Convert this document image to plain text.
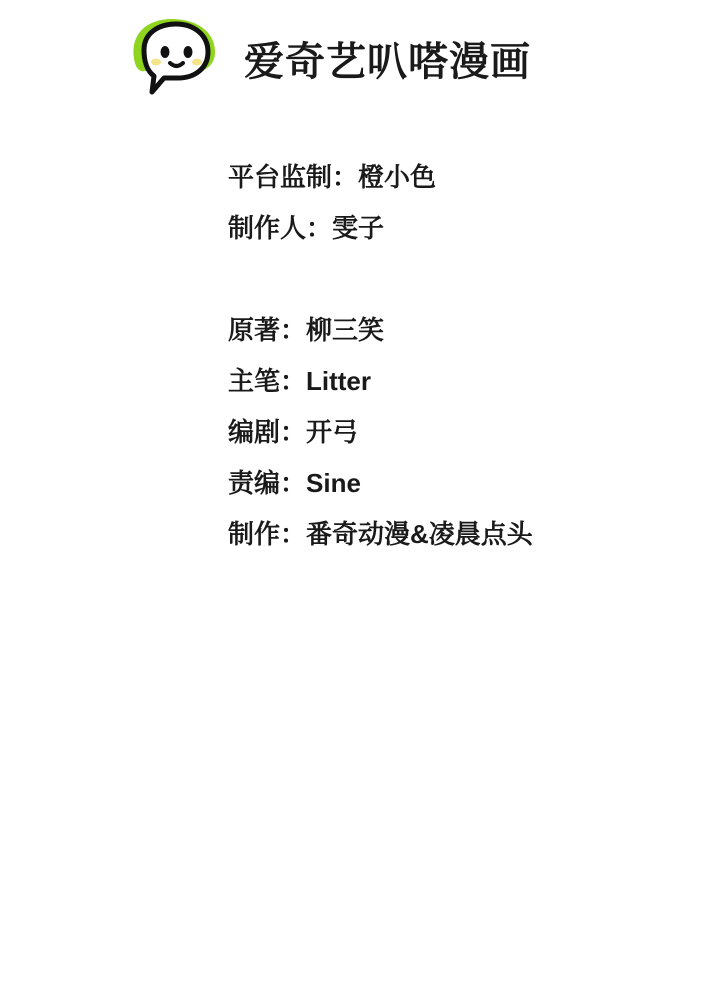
爱奇艺叭嗒漫画
平台监制：橙小色
制作人：雯子
原著：柳三笑
主笔：Litter
编剧：开弓
责编：Sine
制作：番奇动漫&凌晨点头
